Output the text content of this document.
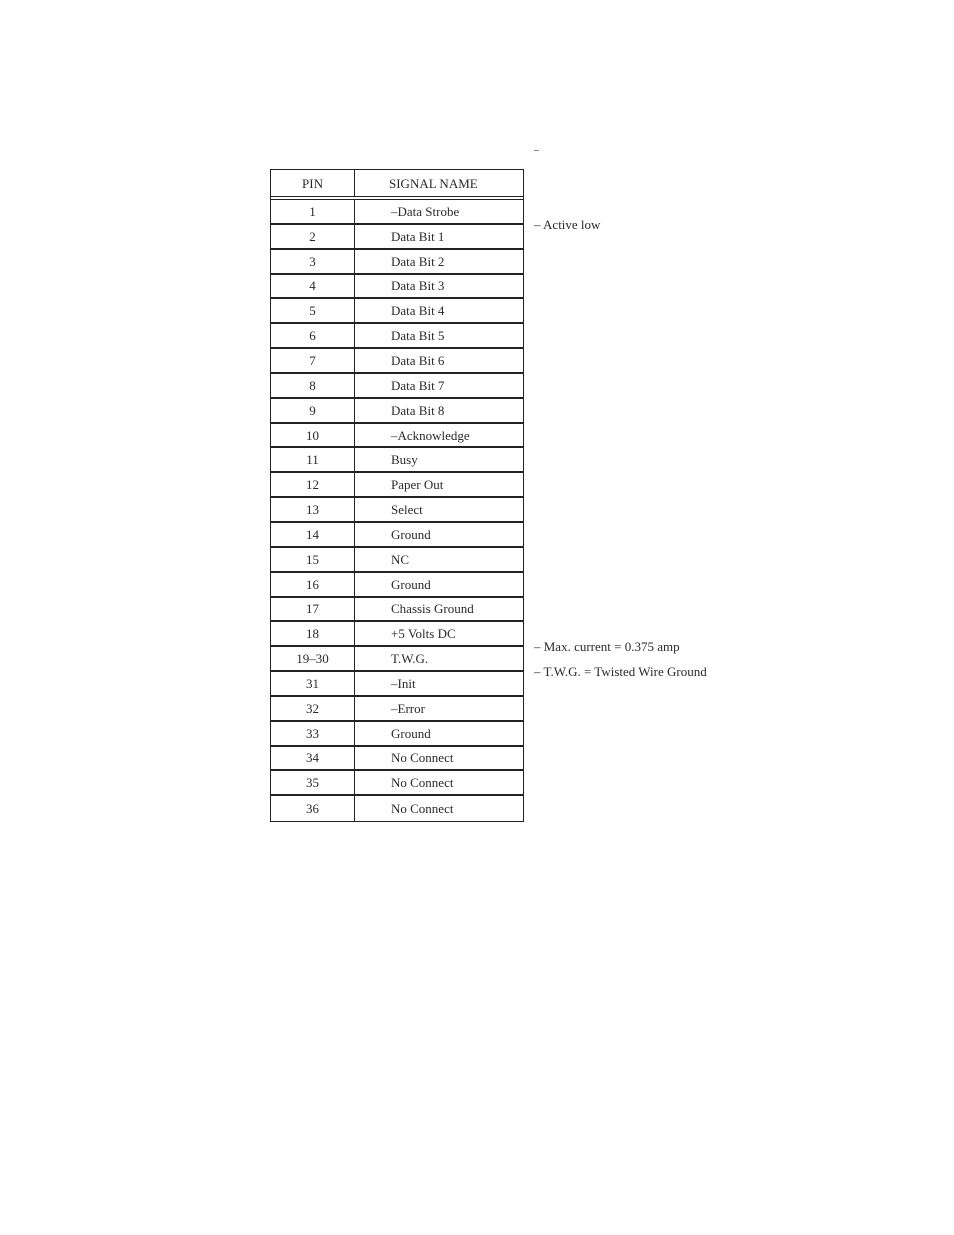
PIN	SIGNAL NAME
1	–Data Strobe
2	Data Bit 1
3	Data Bit 2
4	Data Bit 3
5	Data Bit 4
6	Data Bit 5
7	Data Bit 6
8	Data Bit 7
9	Data Bit 8
10	–Acknowledge
11	Busy
12	Paper Out
13	Select
14	Ground
15	NC
16	Ground
17	Chassis Ground
18	+5 Volts DC
19–30	T.W.G.
31	–Init
32	–Error
33	Ground
34	No Connect
35	No Connect
36	No Connect
– Active low
– Max. current = 0.375 amp
– T.W.G. = Twisted Wire Ground
